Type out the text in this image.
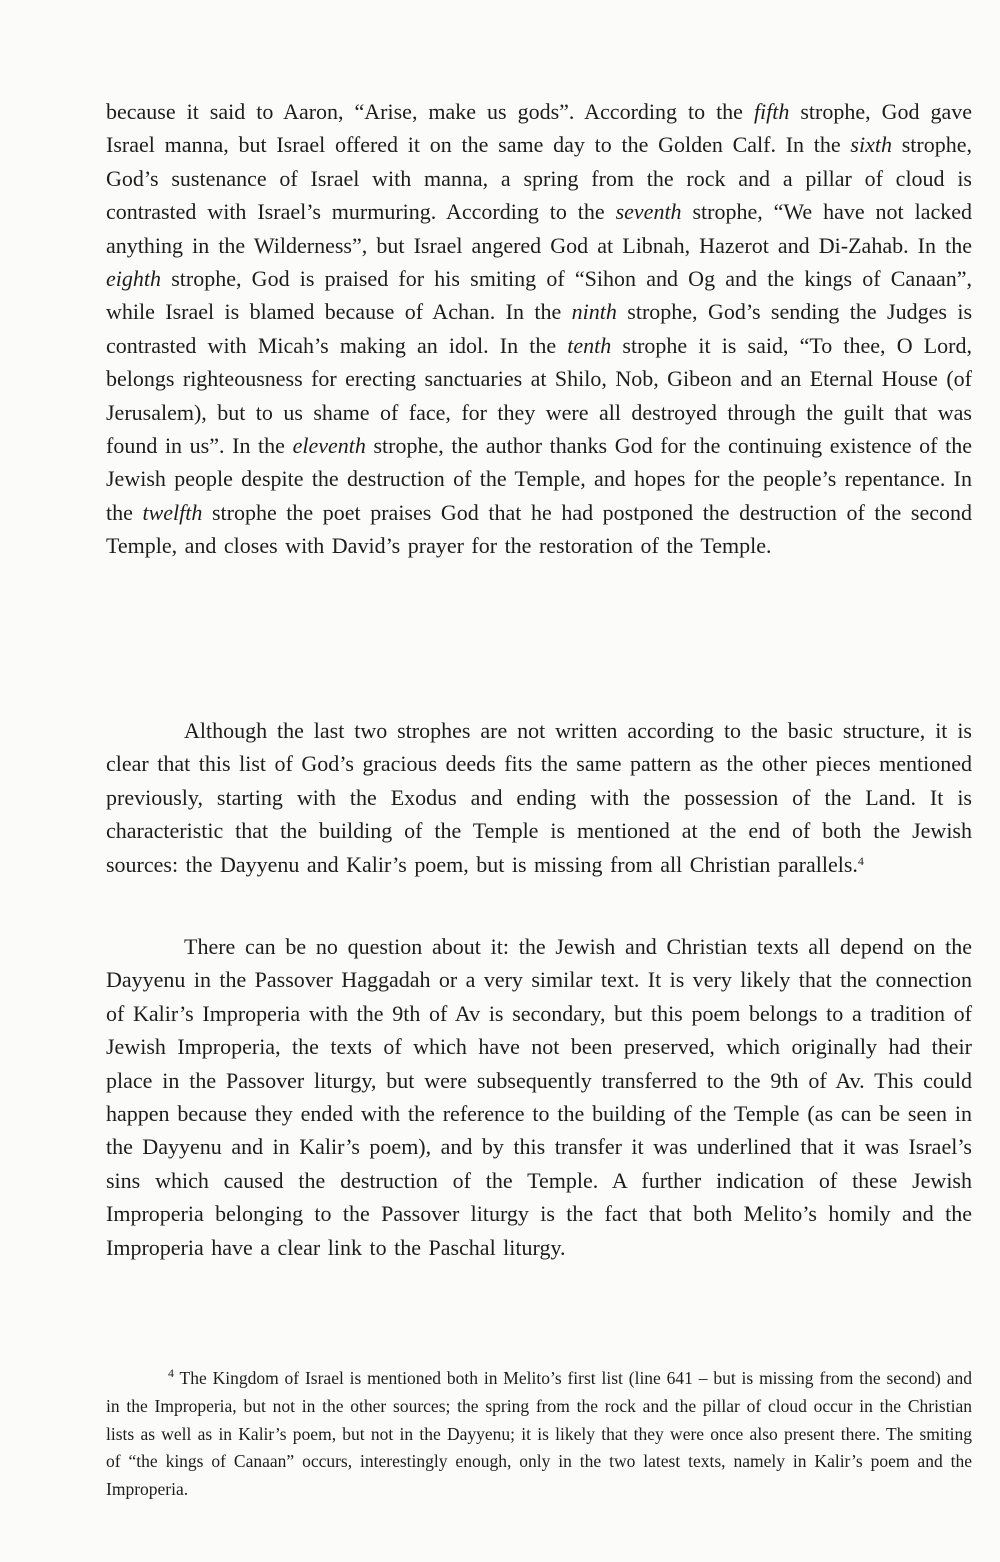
because it said to Aaron, “Arise, make us gods”. According to the fifth strophe, God gave Israel manna, but Israel offered it on the same day to the Golden Calf. In the sixth strophe, God’s sustenance of Israel with manna, a spring from the rock and a pillar of cloud is contrasted with Israel’s murmuring. According to the seventh strophe, “We have not lacked anything in the Wilderness”, but Israel angered God at Libnah, Hazerot and Di-Zahab. In the eighth strophe, God is praised for his smiting of “Sihon and Og and the kings of Canaan”, while Israel is blamed because of Achan. In the ninth strophe, God’s sending the Judges is contrasted with Micah’s making an idol. In the tenth strophe it is said, “To thee, O Lord, belongs righteousness for erecting sanctuaries at Shilo, Nob, Gibeon and an Eternal House (of Jerusalem), but to us shame of face, for they were all destroyed through the guilt that was found in us”. In the eleventh strophe, the author thanks God for the continuing existence of the Jewish people despite the destruction of the Temple, and hopes for the people’s repentance. In the twelfth strophe the poet praises God that he had postponed the destruction of the second Temple, and closes with David’s prayer for the restoration of the Temple.

Although the last two strophes are not written according to the basic structure, it is clear that this list of God’s gracious deeds fits the same pattern as the other pieces mentioned previously, starting with the Exodus and ending with the possession of the Land. It is characteristic that the building of the Temple is mentioned at the end of both the Jewish sources: the Dayyenu and Kalir’s poem, but is missing from all Christian parallels.$^4$

There can be no question about it: the Jewish and Christian texts all depend on the Dayyenu in the Passover Haggadah or a very similar text. It is very likely that the connection of Kalir’s Improperia with the 9th of Av is secondary, but this poem belongs to a tradition of Jewish Improperia, the texts of which have not been preserved, which originally had their place in the Passover liturgy, but were subsequently transferred to the 9th of Av. This could happen because they ended with the reference to the building of the Temple (as can be seen in the Dayyenu and in Kalir’s poem), and by this transfer it was underlined that it was Israel’s sins which caused the destruction of the Temple. A further indication of these Jewish Improperia belonging to the Passover liturgy is the fact that both Melito’s homily and the Improperia have a clear link to the Paschal liturgy.

$^4$ The Kingdom of Israel is mentioned both in Melito’s first list (line 641 – but is missing from the second) and in the Improperia, but not in the other sources; the spring from the rock and the pillar of cloud occur in the Christian lists as well as in Kalir’s poem, but not in the Dayyenu; it is likely that they were once also present there. The smiting of “the kings of Canaan” occurs, interestingly enough, only in the two latest texts, namely in Kalir’s poem and the Improperia.
